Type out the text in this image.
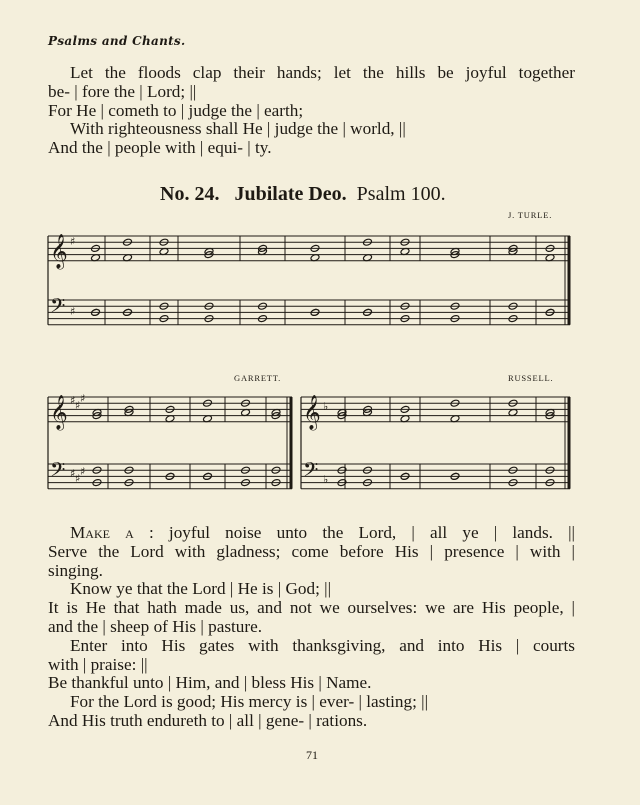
Psalms and Chants.
Let the floods clap their hands; let the hills be joyful together
be- | fore the | Lord; ||
For He | cometh to | judge the | earth;
With righteousness shall He | judge the | world, ||
And the | people with | equi- | ty.
No. 24. Jubilate Deo. Psalm 100.
J. TURLE.
GARRETT.	RUSSELL.
𝄞
𝄢
♯
♯
𝄞
𝄢
♯
♯
♯
♯
♯
♯
𝄞
𝄢
♭
♭
Make a : joyful noise unto the Lord, | all ye | lands. ||
Serve the Lord with gladness; come before His | presence | with |
singing.
Know ye that the Lord | He is | God; ||
It is He that hath made us, and not we ourselves: we are His people, |
and the | sheep of His | pasture.
Enter into His gates with thanksgiving, and into His | courts
with | praise: ||
Be thankful unto | Him, and | bless His | Name.
For the Lord is good; His mercy is | ever- | lasting; ||
And His truth endureth to | all | gene- | rations.
71
